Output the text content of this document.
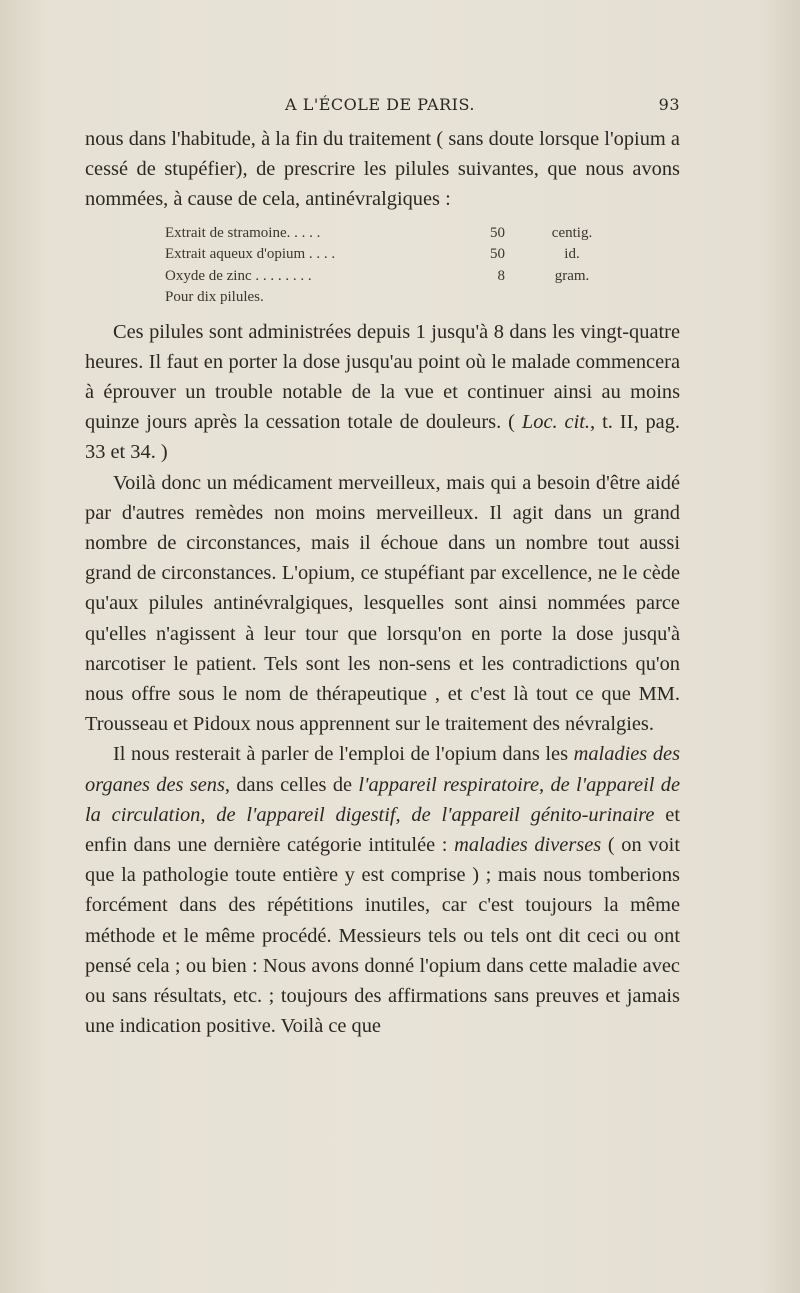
A L'ÉCOLE DE PARIS.	93

nous dans l'habitude, à la fin du traitement ( sans doute lorsque l'opium a cessé de stupéfier), de prescrire les pilules suivantes, que nous avons nommées, à cause de cela, antinévralgiques :

Extrait de stramoine. . . . .	50	centig.
Extrait aqueux d'opium . . . .	50	id.
Oxyde de zinc . . . . . . . .	8	gram.
Pour dix pilules.

Ces pilules sont administrées depuis 1 jusqu'à 8 dans les vingt-quatre heures. Il faut en porter la dose jusqu'au point où le malade commencera à éprouver un trouble notable de la vue et continuer ainsi au moins quinze jours après la cessation totale de douleurs. ( Loc. cit., t. II, pag. 33 et 34. )

Voilà donc un médicament merveilleux, mais qui a besoin d'être aidé par d'autres remèdes non moins merveilleux. Il agit dans un grand nombre de circonstances, mais il échoue dans un nombre tout aussi grand de circonstances. L'opium, ce stupéfiant par excellence, ne le cède qu'aux pilules antinévralgiques, lesquelles sont ainsi nommées parce qu'elles n'agissent à leur tour que lorsqu'on en porte la dose jusqu'à narcotiser le patient. Tels sont les non-sens et les contradictions qu'on nous offre sous le nom de thérapeutique , et c'est là tout ce que MM. Trousseau et Pidoux nous apprennent sur le traitement des névralgies.

Il nous resterait à parler de l'emploi de l'opium dans les maladies des organes des sens, dans celles de l'appareil respiratoire, de l'appareil de la circulation, de l'appareil digestif, de l'appareil génito-urinaire et enfin dans une dernière catégorie intitulée : maladies diverses ( on voit que la pathologie toute entière y est comprise ) ; mais nous tomberions forcément dans des répétitions inutiles, car c'est toujours la même méthode et le même procédé. Messieurs tels ou tels ont dit ceci ou ont pensé cela ; ou bien : Nous avons donné l'opium dans cette maladie avec ou sans résultats, etc. ; toujours des affirmations sans preuves et jamais une indication positive. Voilà ce que
